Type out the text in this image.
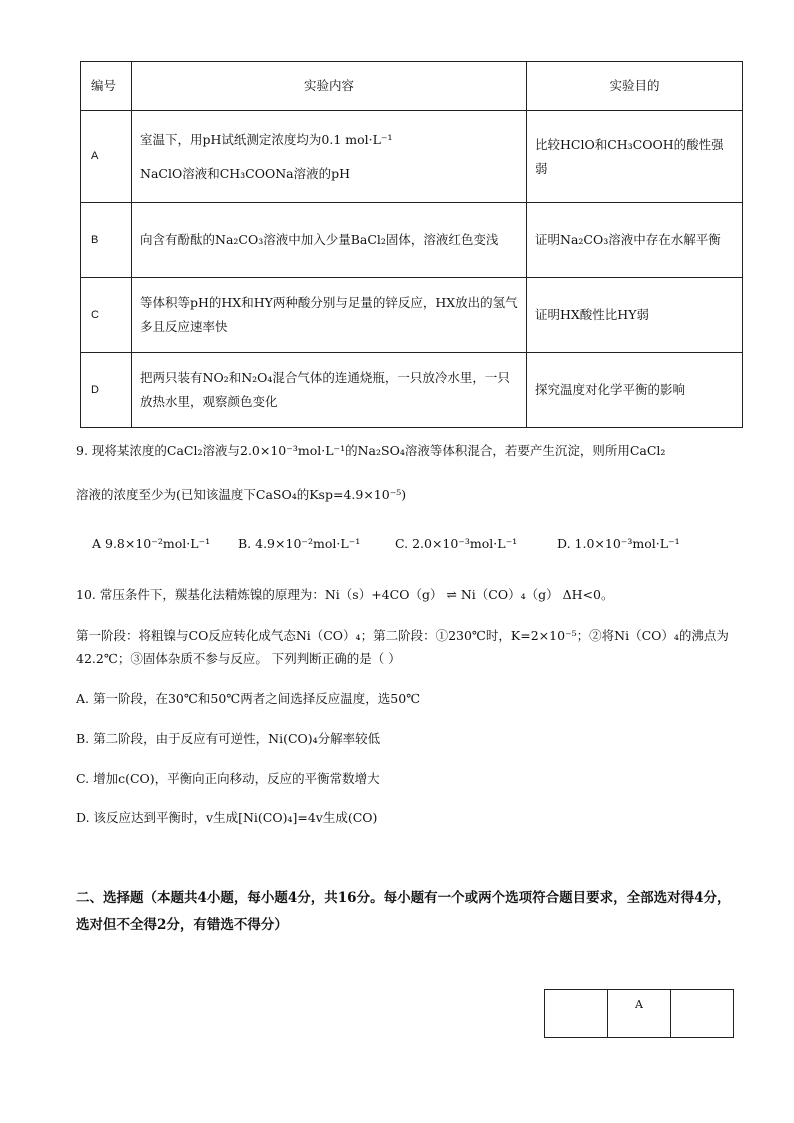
编号	实验内容	实验目的
A	室温下，用pH试纸测定浓度均为0.1 mol·L⁻¹
NaClO溶液和CH₃COONa溶液的pH	比较HClO和CH₃COOH的酸性强弱
B	向含有酚酞的Na₂CO₃溶液中加入少量BaCl₂固体，溶液红色变浅	证明Na₂CO₃溶液中存在水解平衡
C	等体积等pH的HX和HY两种酸分别与足量的锌反应，HX放出的氢气多且反应速率快	证明HX酸性比HY弱
D	把两只装有NO₂和N₂O₄混合气体的连通烧瓶，一只放冷水里，一只放热水里，观察颜色变化	探究温度对化学平衡的影响
9. 现将某浓度的CaCl₂溶液与2.0×10⁻³mol·L⁻¹的Na₂SO₄溶液等体积混合，若要产生沉淀，则所用CaCl₂
溶液的浓度至少为(已知该温度下CaSO₄的Ksp=4.9×10⁻⁵)
A 9.8×10⁻²mol·L⁻¹ B. 4.9×10⁻²mol·L⁻¹	C. 2.0×10⁻³mol·L⁻¹	D. 1.0×10⁻³mol·L⁻¹
10. 常压条件下，羰基化法精炼镍的原理为：Ni（s）+4CO（g） ⇌ Ni（CO）₄（g） ΔH<0。
第一阶段：将粗镍与CO反应转化成气态Ni（CO）₄；第二阶段：①230℃时，K=2×10⁻⁵；②将Ni（CO）₄的沸点为42.2℃；③固体杂质不参与反应。 下列判断正确的是（ ）
A. 第一阶段，在30℃和50℃两者之间选择反应温度，选50℃
B. 第二阶段，由于反应有可逆性，Ni(CO)₄分解率较低
C. 增加c(CO)，平衡向正向移动，反应的平衡常数增大
D. 该反应达到平衡时，v生成[Ni(CO)₄]=4v生成(CO)
二、选择题（本题共4小题，每小题4分，共16分。每小题有一个或两个选项符合题目要求，全部选对得4分，选对但不全得2分，有错选不得分）
	A	
